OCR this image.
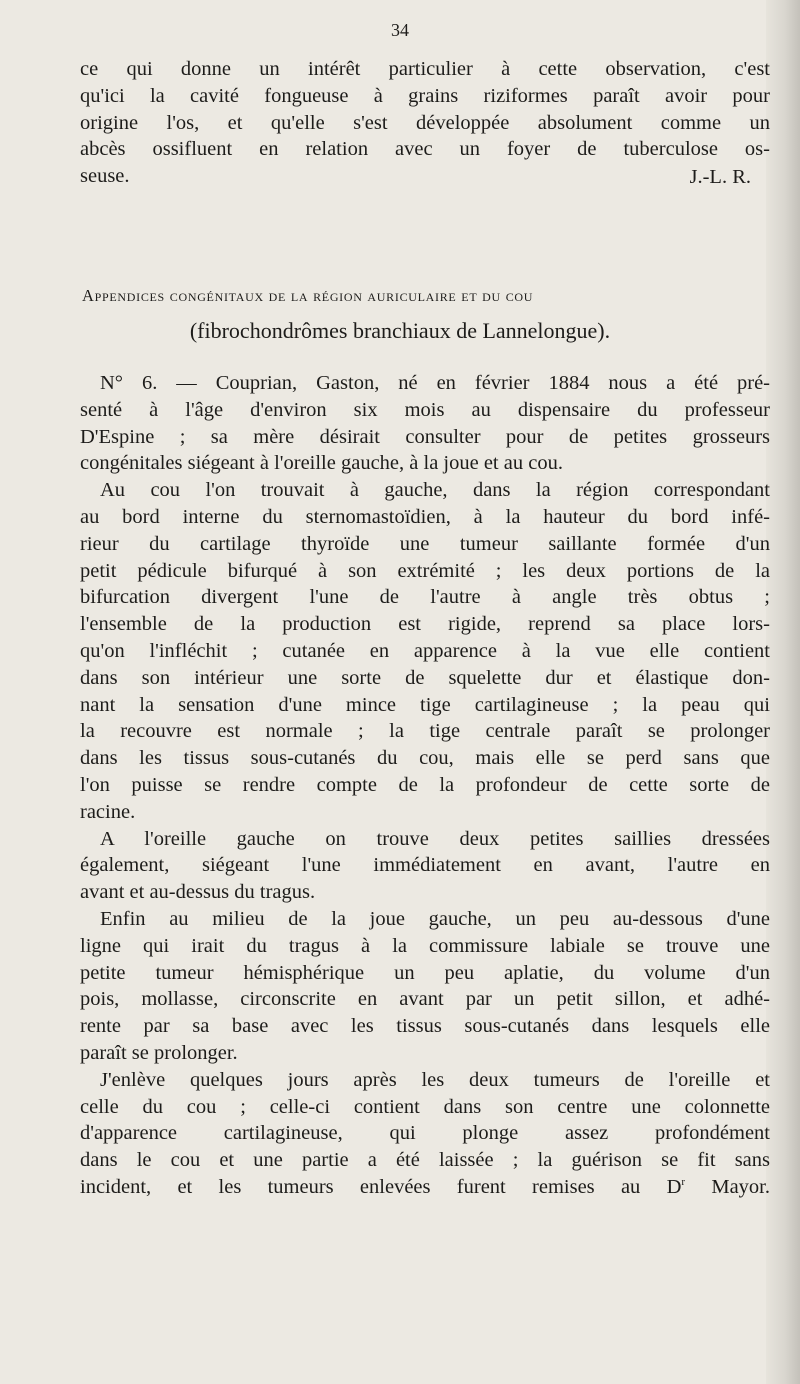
34
ce qui donne un intérêt particulier à cette observation, c'est
qu'ici la cavité fongueuse à grains riziformes paraît avoir pour
origine l'os, et qu'elle s'est développée absolument comme un
abcès ossifluent en relation avec un foyer de tuberculose os-
seuse.	J.-L. R.
Appendices congénitaux de la région auriculaire et du cou
(fibrochondrômes branchiaux de Lannelongue).
N° 6. — Couprian, Gaston, né en février 1884 nous a été pré-
senté à l'âge d'environ six mois au dispensaire du professeur
D'Espine ; sa mère désirait consulter pour de petites grosseurs
congénitales siégeant à l'oreille gauche, à la joue et au cou.
Au cou l'on trouvait à gauche, dans la région correspondant
au bord interne du sternomastoïdien, à la hauteur du bord infé-
rieur du cartilage thyroïde une tumeur saillante formée d'un
petit pédicule bifurqué à son extrémité ; les deux portions de la
bifurcation divergent l'une de l'autre à angle très obtus ;
l'ensemble de la production est rigide, reprend sa place lors-
qu'on l'infléchit ; cutanée en apparence à la vue elle contient
dans son intérieur une sorte de squelette dur et élastique don-
nant la sensation d'une mince tige cartilagineuse ; la peau qui
la recouvre est normale ; la tige centrale paraît se prolonger
dans les tissus sous-cutanés du cou, mais elle se perd sans que
l'on puisse se rendre compte de la profondeur de cette sorte de
racine.
A l'oreille gauche on trouve deux petites saillies dressées
également, siégeant l'une immédiatement en avant, l'autre en
avant et au-dessus du tragus.
Enfin au milieu de la joue gauche, un peu au-dessous d'une
ligne qui irait du tragus à la commissure labiale se trouve une
petite tumeur hémisphérique un peu aplatie, du volume d'un
pois, mollasse, circonscrite en avant par un petit sillon, et adhé-
rente par sa base avec les tissus sous-cutanés dans lesquels elle
paraît se prolonger.
J'enlève quelques jours après les deux tumeurs de l'oreille et
celle du cou ; celle-ci contient dans son centre une colonnette
d'apparence cartilagineuse, qui plonge assez profondément
dans le cou et une partie a été laissée ; la guérison se fit sans
incident, et les tumeurs enlevées furent remises au $D^r$ Mayor.
